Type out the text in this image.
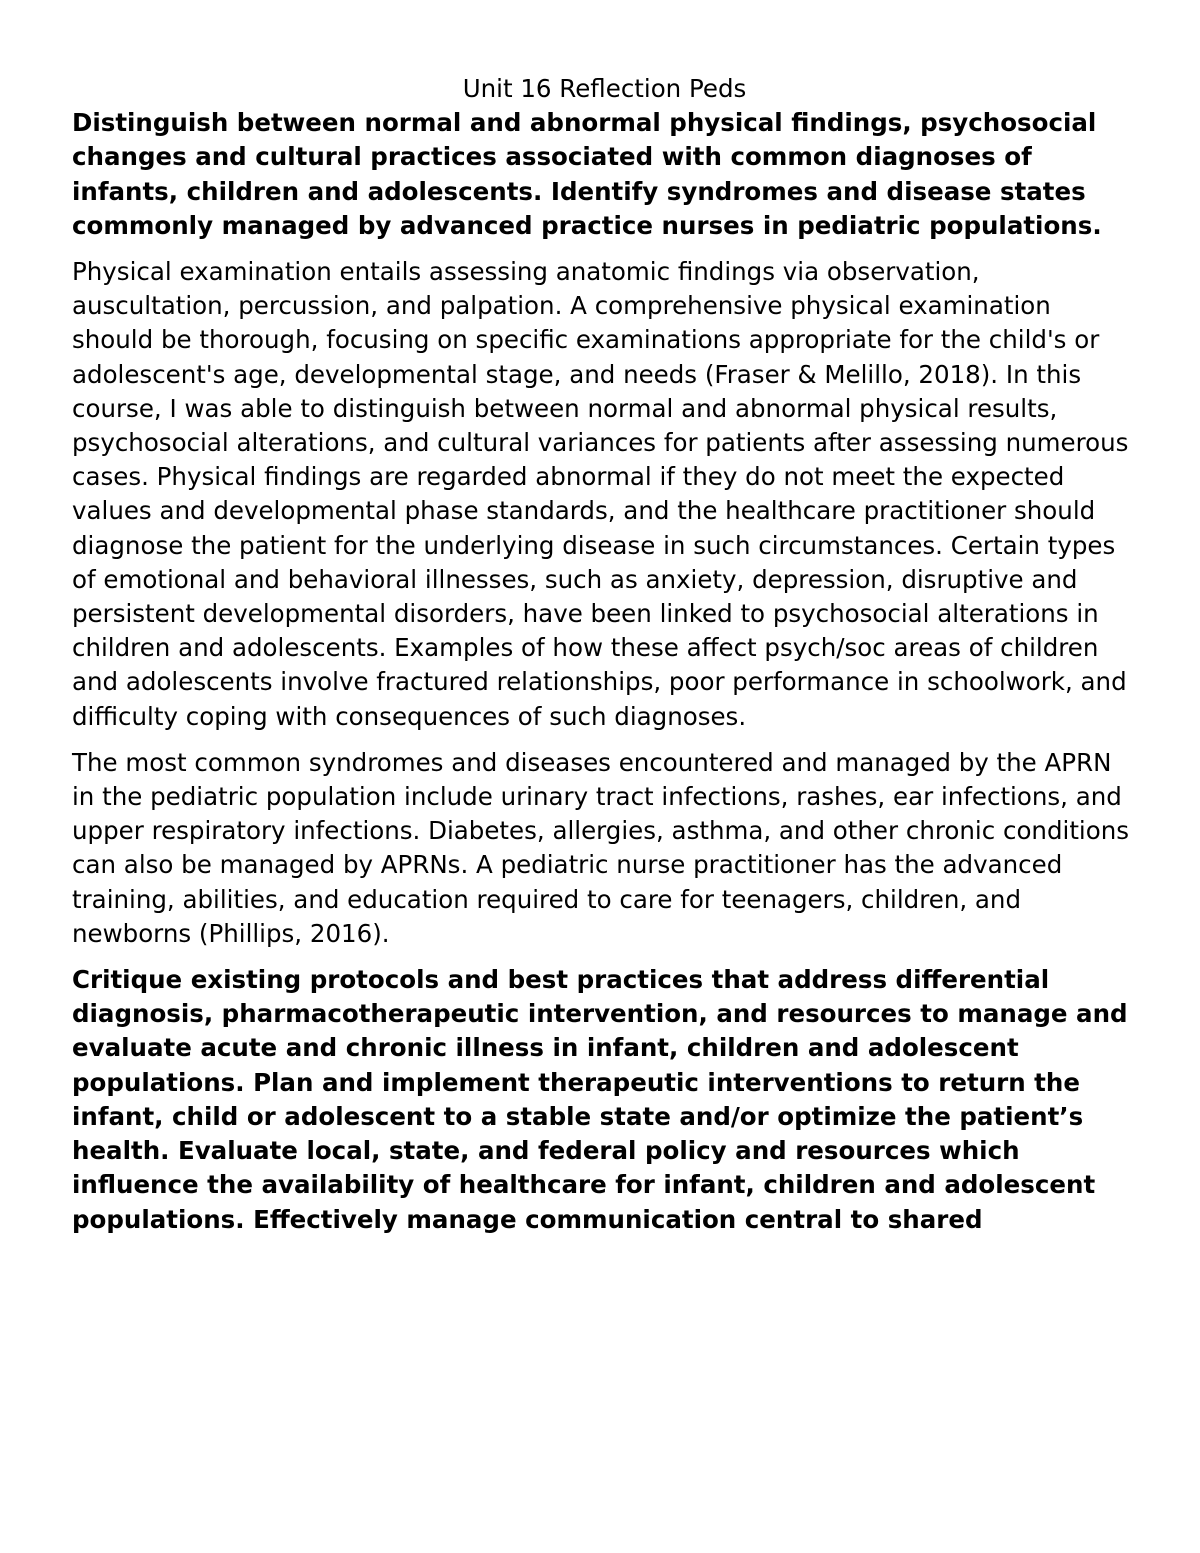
Unit 16 Reflection Peds

Distinguish between normal and abnormal physical findings, psychosocial changes and cultural practices associated with common diagnoses of infants, children and adolescents. Identify syndromes and disease states commonly managed by advanced practice nurses in pediatric populations.

Physical examination entails assessing anatomic findings via observation, auscultation, percussion, and palpation. A comprehensive physical examination should be thorough, focusing on specific examinations appropriate for the child's or adolescent's age, developmental stage, and needs (Fraser & Melillo, 2018). In this course, I was able to distinguish between normal and abnormal physical results, psychosocial alterations, and cultural variances for patients after assessing numerous cases. Physical findings are regarded abnormal if they do not meet the expected values and developmental phase standards, and the healthcare practitioner should diagnose the patient for the underlying disease in such circumstances. Certain types of emotional and behavioral illnesses, such as anxiety, depression, disruptive and persistent developmental disorders, have been linked to psychosocial alterations in children and adolescents. Examples of how these affect psych/soc areas of children and adolescents involve fractured relationships, poor performance in schoolwork, and difficulty coping with consequences of such diagnoses.

The most common syndromes and diseases encountered and managed by the APRN in the pediatric population include urinary tract infections, rashes, ear infections, and upper respiratory infections. Diabetes, allergies, asthma, and other chronic conditions can also be managed by APRNs. A pediatric nurse practitioner has the advanced training, abilities, and education required to care for teenagers, children, and newborns (Phillips, 2016).

Critique existing protocols and best practices that address differential diagnosis, pharmacotherapeutic intervention, and resources to manage and evaluate acute and chronic illness in infant, children and adolescent populations. Plan and implement therapeutic interventions to return the infant, child or adolescent to a stable state and/or optimize the patient’s health. Evaluate local, state, and federal policy and resources which influence the availability of healthcare for infant, children and adolescent populations. Effectively manage communication central to shared
